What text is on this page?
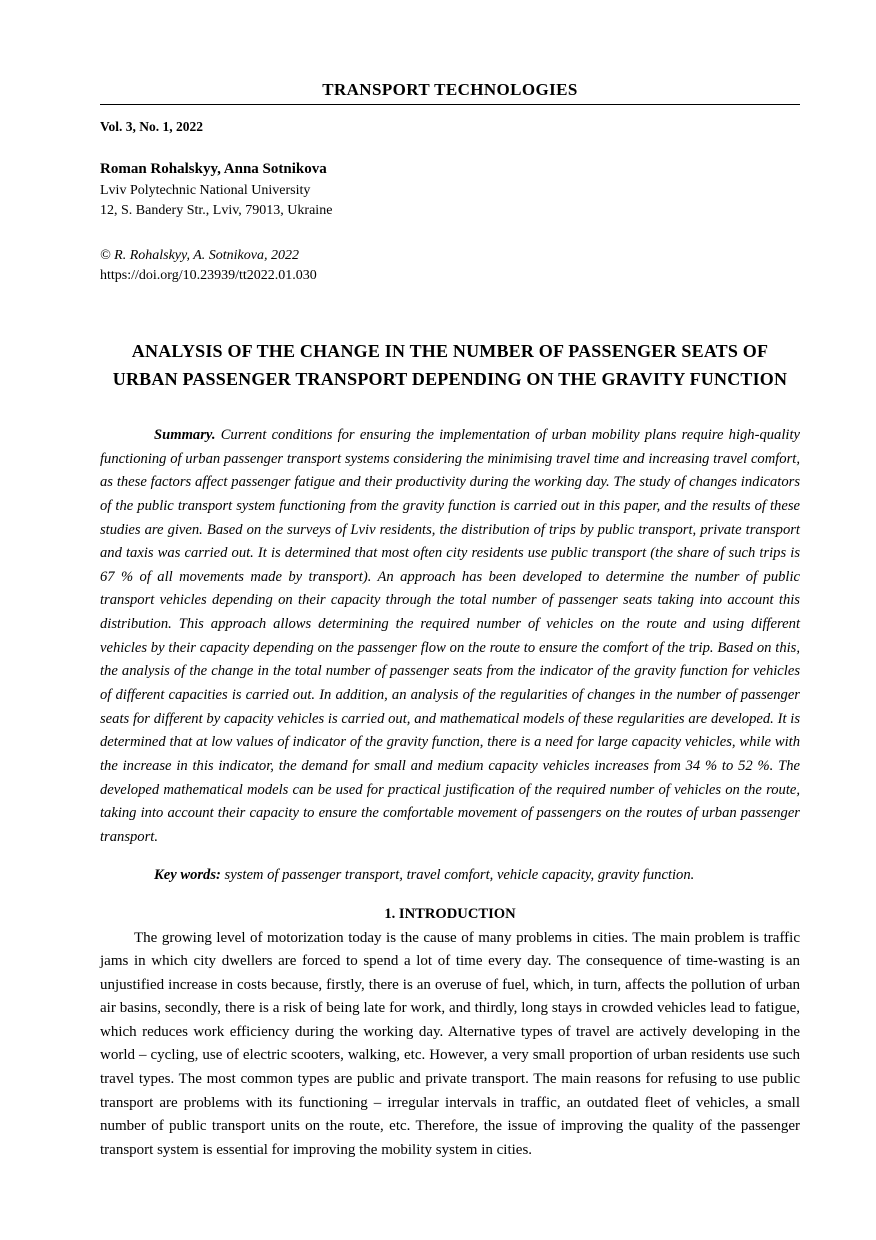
TRANSPORT TECHNOLOGIES
Vol. 3, No. 1, 2022
Roman Rohalskyy, Anna Sotnikova
Lviv Polytechnic National University
12, S. Bandery Str., Lviv, 79013, Ukraine
© R. Rohalskyy, A. Sotnikova, 2022
https://doi.org/10.23939/tt2022.01.030
ANALYSIS OF THE CHANGE IN THE NUMBER OF PASSENGER SEATS OF URBAN PASSENGER TRANSPORT DEPENDING ON THE GRAVITY FUNCTION

Summary. Current conditions for ensuring the implementation of urban mobility plans require high-quality functioning of urban passenger transport systems considering the minimising travel time and increasing travel comfort, as these factors affect passenger fatigue and their productivity during the working day. The study of changes indicators of the public transport system functioning from the gravity function is carried out in this paper, and the results of these studies are given. Based on the surveys of Lviv residents, the distribution of trips by public transport, private transport and taxis was carried out. It is determined that most often city residents use public transport (the share of such trips is 67 % of all movements made by transport). An approach has been developed to determine the number of public transport vehicles depending on their capacity through the total number of passenger seats taking into account this distribution. This approach allows determining the required number of vehicles on the route and using different vehicles by their capacity depending on the passenger flow on the route to ensure the comfort of the trip. Based on this, the analysis of the change in the total number of passenger seats from the indicator of the gravity function for vehicles of different capacities is carried out. In addition, an analysis of the regularities of changes in the number of passenger seats for different by capacity vehicles is carried out, and mathematical models of these regularities are developed. It is determined that at low values of indicator of the gravity function, there is a need for large capacity vehicles, while with the increase in this indicator, the demand for small and medium capacity vehicles increases from 34 % to 52 %. The developed mathematical models can be used for practical justification of the required number of vehicles on the route, taking into account their capacity to ensure the comfortable movement of passengers on the routes of urban passenger transport.

Key words: system of passenger transport, travel comfort, vehicle capacity, gravity function.

1. INTRODUCTION

The growing level of motorization today is the cause of many problems in cities. The main problem is traffic jams in which city dwellers are forced to spend a lot of time every day. The consequence of time-wasting is an unjustified increase in costs because, firstly, there is an overuse of fuel, which, in turn, affects the pollution of urban air basins, secondly, there is a risk of being late for work, and thirdly, long stays in crowded vehicles lead to fatigue, which reduces work efficiency during the working day. Alternative types of travel are actively developing in the world – cycling, use of electric scooters, walking, etc. However, a very small proportion of urban residents use such travel types. The most common types are public and private transport. The main reasons for refusing to use public transport are problems with its functioning – irregular intervals in traffic, an outdated fleet of vehicles, a small number of public transport units on the route, etc. Therefore, the issue of improving the quality of the passenger transport system is essential for improving the mobility system in cities.
